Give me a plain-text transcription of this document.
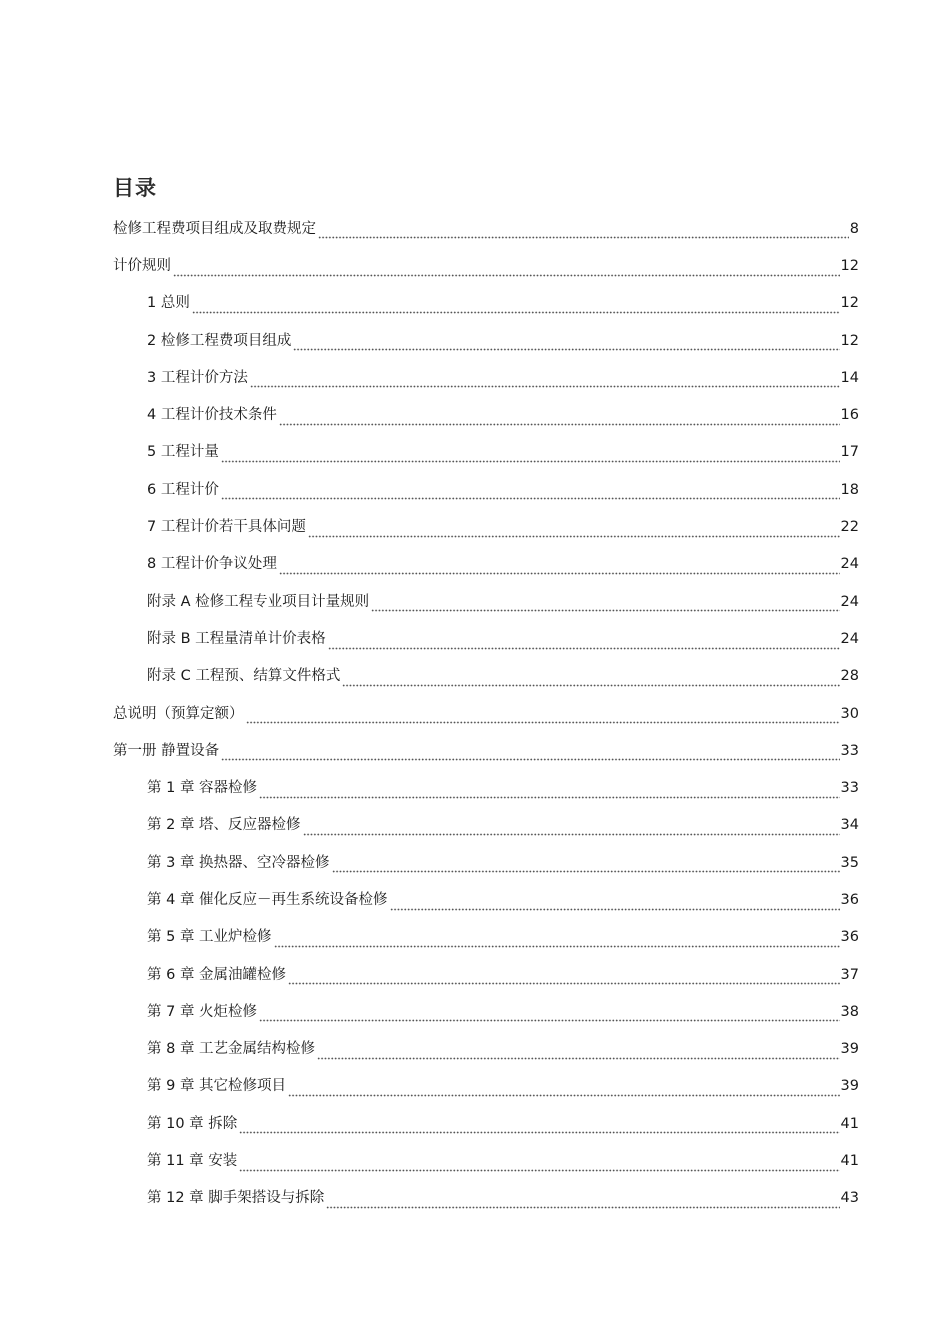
目录
检修工程费项目组成及取费规定	8
计价规则	12
1 总则	12
2 检修工程费项目组成	12
3 工程计价方法	14
4 工程计价技术条件	16
5 工程计量	17
6 工程计价	18
7 工程计价若干具体问题	22
8 工程计价争议处理	24
附录 A 检修工程专业项目计量规则	24
附录 B 工程量清单计价表格	24
附录 C 工程预、结算文件格式	28
总说明（预算定额）	30
第一册 静置设备	33
第 1 章 容器检修	33
第 2 章 塔、反应器检修	34
第 3 章 换热器、空冷器检修	35
第 4 章 催化反应－再生系统设备检修	36
第 5 章 工业炉检修	36
第 6 章 金属油罐检修	37
第 7 章 火炬检修	38
第 8 章 工艺金属结构检修	39
第 9 章 其它检修项目	39
第 10 章 拆除	41
第 11 章 安装	41
第 12 章 脚手架搭设与拆除	43
